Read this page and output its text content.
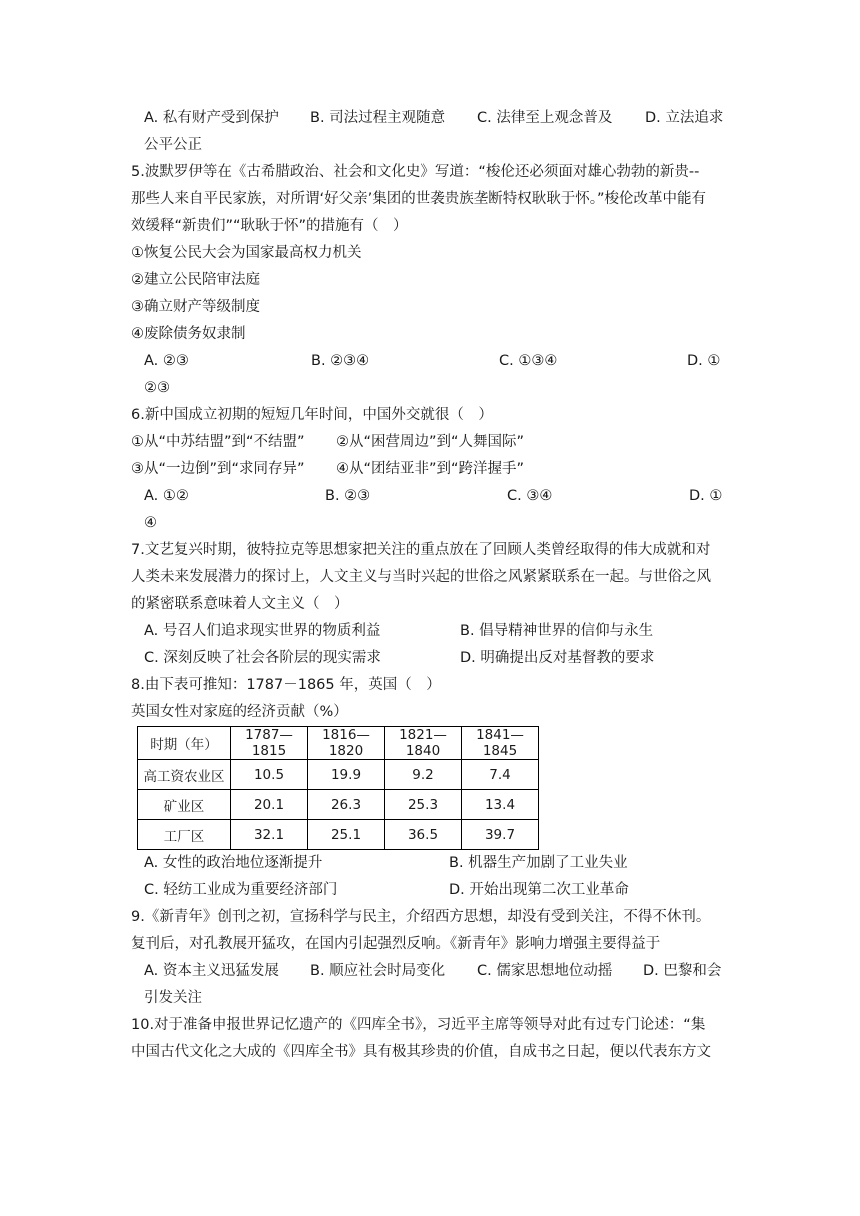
A. 私有财产受到保护 B. 司法过程主观随意 C. 法律至上观念普及 D. 立法追求
公平公正
5.波默罗伊等在《古希腊政治、社会和文化史》写道：“梭伦还必须面对雄心勃勃的新贵--
那些人来自平民家族，对所谓‘好父亲’集团的世袭贵族垄断特权耿耿于怀。”梭伦改革中能有
效缓释“新贵们”“耿耿于怀”的措施有（　）
①恢复公民大会为国家最高权力机关
②建立公民陪审法庭
③确立财产等级制度
④废除债务奴隶制
A. ②③	B. ②③④	C. ①③④	D. ①
②③
6.新中国成立初期的短短几年时间，中国外交就很（　）
①从“中苏结盟”到“不结盟” ②从“困营周边”到“人舞国际”
③从“一边倒”到“求同存异” ④从“团结亚非”到“跨洋握手”
A. ①②	B. ②③	C. ③④	D. ①
④
7.文艺复兴时期，彼特拉克等思想家把关注的重点放在了回顾人类曾经取得的伟大成就和对
人类未来发展潜力的探讨上，人文主义与当时兴起的世俗之风紧紧联系在一起。与世俗之风
的紧密联系意味着人文主义（　）
A. 号召人们追求现实世界的物质利益	B. 倡导精神世界的信仰与永生
C. 深刻反映了社会各阶层的现实需求	D. 明确提出反对基督教的要求
8.由下表可推知：1787－1865 年，英国（　）
英国女性对家庭的经济贡献（%）
时期（年）	1787—1815	1816—1820	1821—1840	1841—1845
高工资农业区	10.5	19.9	9.2	7.4
矿业区	20.1	26.3	25.3	13.4
工厂区	32.1	25.1	36.5	39.7
A. 女性的政治地位逐渐提升	B. 机器生产加剧了工业失业
C. 轻纺工业成为重要经济部门	D. 开始出现第二次工业革命
9.《新青年》创刊之初，宣扬科学与民主，介绍西方思想，却没有受到关注，不得不休刊。
复刊后，对孔教展开猛攻，在国内引起强烈反响。《新青年》影响力增强主要得益于
A. 资本主义迅猛发展 B. 顺应社会时局变化 C. 儒家思想地位动摇 D. 巴黎和会
引发关注
10.对于准备申报世界记忆遗产的《四库全书》，习近平主席等领导对此有过专门论述：“集
中国古代文化之大成的《四库全书》具有极其珍贵的价值，自成书之日起，便以代表东方文
